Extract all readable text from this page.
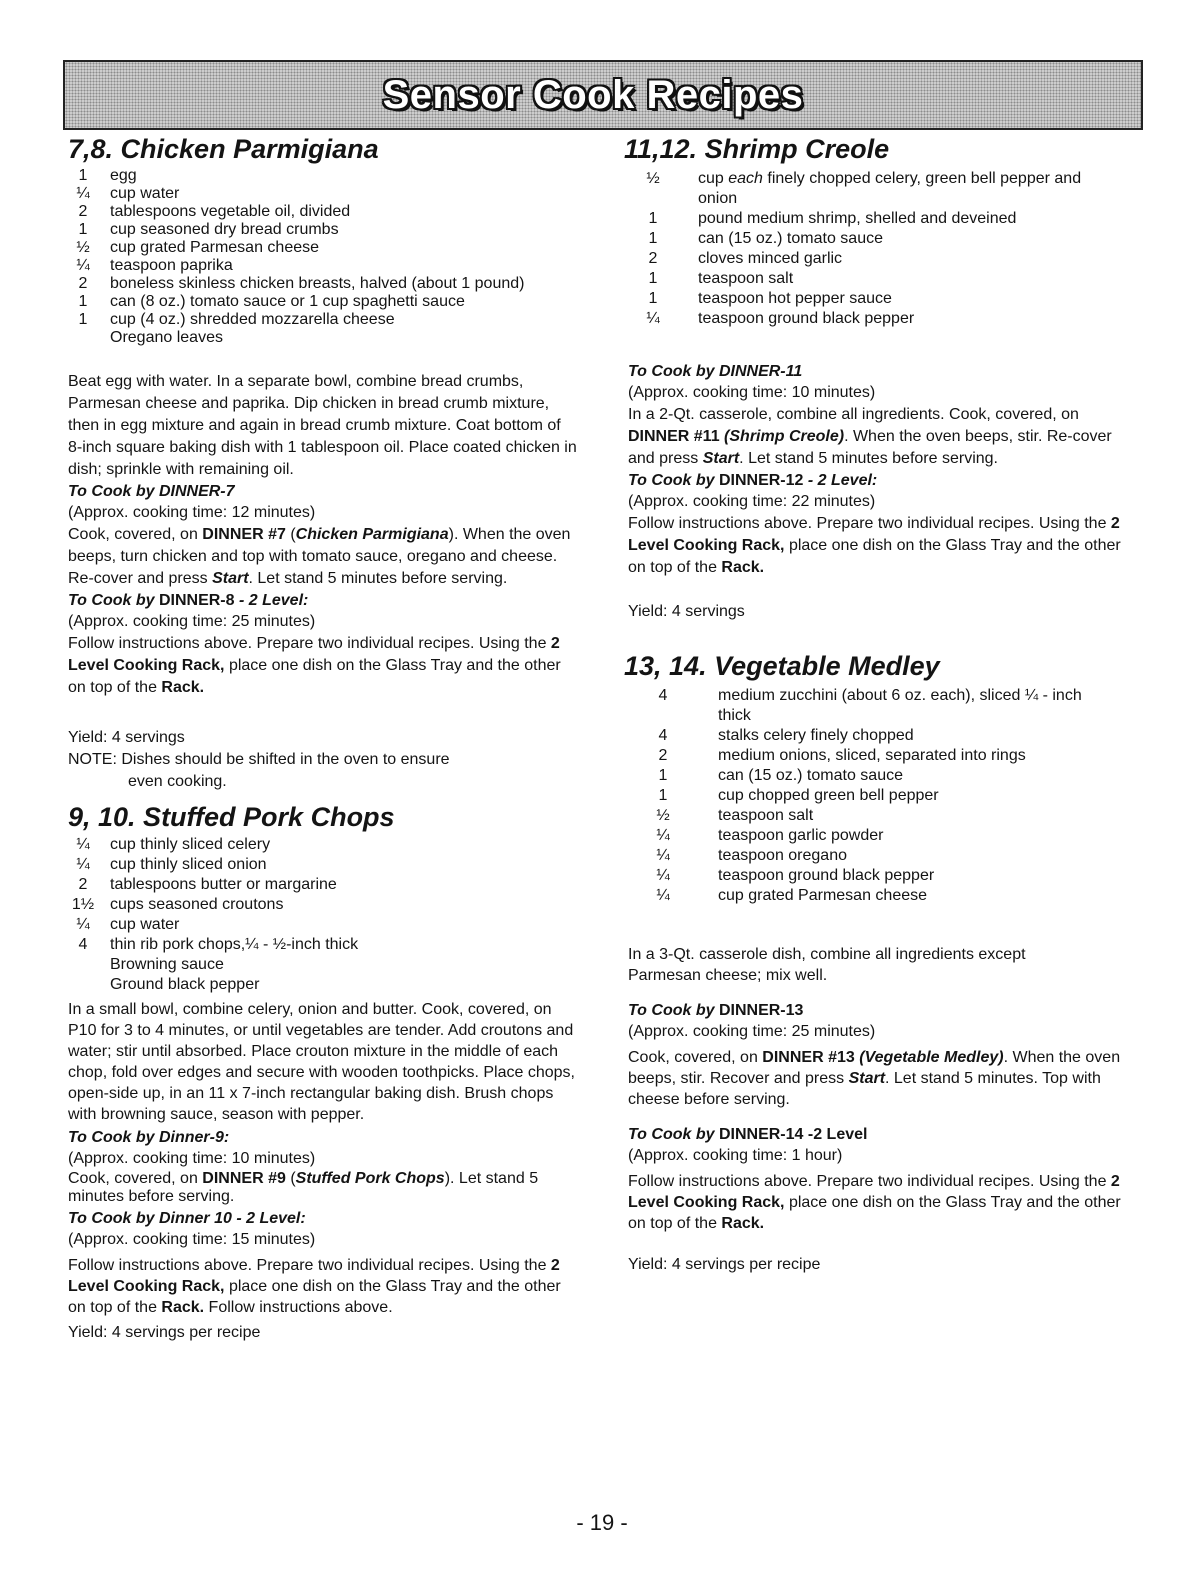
Sensor Cook Recipes
7,8. Chicken Parmigiana
1	egg
¼	cup water
2	tablespoons vegetable oil, divided
1	cup seasoned dry bread crumbs
½	cup grated Parmesan cheese
¼	teaspoon paprika
2	boneless skinless chicken breasts, halved (about 1 pound)
1	can (8 oz.) tomato sauce or 1 cup spaghetti sauce
1	cup (4 oz.) shredded mozzarella cheese
Oregano leaves

Beat egg with water. In a separate bowl, combine bread crumbs, Parmesan cheese and paprika. Dip chicken in bread crumb mixture, then in egg mixture and again in bread crumb mixture. Coat bottom of 8-inch square baking dish with 1 tablespoon oil. Place coated chicken in dish; sprinkle with remaining oil.

To Cook by DINNER-7

(Approx. cooking time: 12 minutes)

Cook, covered, on DINNER #7 (Chicken Parmigiana). When the oven beeps, turn chicken and top with tomato sauce, oregano and cheese. Re-cover and press Start. Let stand 5 minutes before serving.

To Cook by DINNER-8 - 2 Level:

(Approx. cooking time: 25 minutes)

Follow instructions above. Prepare two individual recipes. Using the 2 Level Cooking Rack, place one dish on the Glass Tray and the other on top of the Rack.

Yield: 4 servings

NOTE: Dishes should be shifted in the oven to ensure

even cooking.

9, 10. Stuffed Pork Chops
¼	cup thinly sliced celery
¼	cup thinly sliced onion
2	tablespoons butter or margarine
1½ cups seasoned croutons
¼	cup water
4	thin rib pork chops,¼ - ½-inch thick
Browning sauce
Ground black pepper

In a small bowl, combine celery, onion and butter. Cook, covered, on P10 for 3 to 4 minutes, or until vegetables are tender. Add croutons and water; stir until absorbed. Place crouton mixture in the middle of each chop, fold over edges and secure with wooden toothpicks. Place chops, open-side up, in an 11 x 7-inch rectangular baking dish. Brush chops with browning sauce, season with pepper.

To Cook by Dinner-9:

(Approx. cooking time: 10 minutes)

Cook, covered, on DINNER #9 (Stuffed Pork Chops). Let stand 5 minutes before serving.

To Cook by Dinner 10 - 2 Level:

(Approx. cooking time: 15 minutes)

Follow instructions above. Prepare two individual recipes. Using the 2 Level Cooking Rack, place one dish on the Glass Tray and the other on top of the Rack. Follow instructions above.

Yield: 4 servings per recipe

11,12. Shrimp Creole
½	cup each finely chopped celery, green bell pepper and onion
1	pound medium shrimp, shelled and deveined
1	can (15 oz.) tomato sauce
2	cloves minced garlic
1	teaspoon salt
1	teaspoon hot pepper sauce
¼	teaspoon ground black pepper

To Cook by DINNER-11

(Approx. cooking time: 10 minutes)

In a 2-Qt. casserole, combine all ingredients. Cook, covered, on DINNER #11 (Shrimp Creole). When the oven beeps, stir. Re-cover and press Start. Let stand 5 minutes before serving.

To Cook by DINNER-12 - 2 Level:

(Approx. cooking time: 22 minutes)

Follow instructions above. Prepare two individual recipes. Using the 2 Level Cooking Rack, place one dish on the Glass Tray and the other on top of the Rack.

Yield: 4 servings

13, 14. Vegetable Medley
4	medium zucchini (about 6 oz. each), sliced ¼ - inch thick
4	stalks celery finely chopped
2	medium onions, sliced, separated into rings
1	can (15 oz.) tomato sauce
1	cup chopped green bell pepper
½	teaspoon salt
¼	teaspoon garlic powder
¼	teaspoon oregano
¼	teaspoon ground black pepper
¼	cup grated Parmesan cheese

In a 3-Qt. casserole dish, combine all ingredients except Parmesan cheese; mix well.

To Cook by DINNER-13

(Approx. cooking time: 25 minutes)

Cook, covered, on DINNER #13 (Vegetable Medley). When the oven beeps, stir. Recover and press Start. Let stand 5 minutes. Top with cheese before serving.

To Cook by DINNER-14 -2 Level

(Approx. cooking time: 1 hour)

Follow instructions above. Prepare two individual recipes. Using the 2 Level Cooking Rack, place one dish on the Glass Tray and the other on top of the Rack.

Yield: 4 servings per recipe

- 19 -
